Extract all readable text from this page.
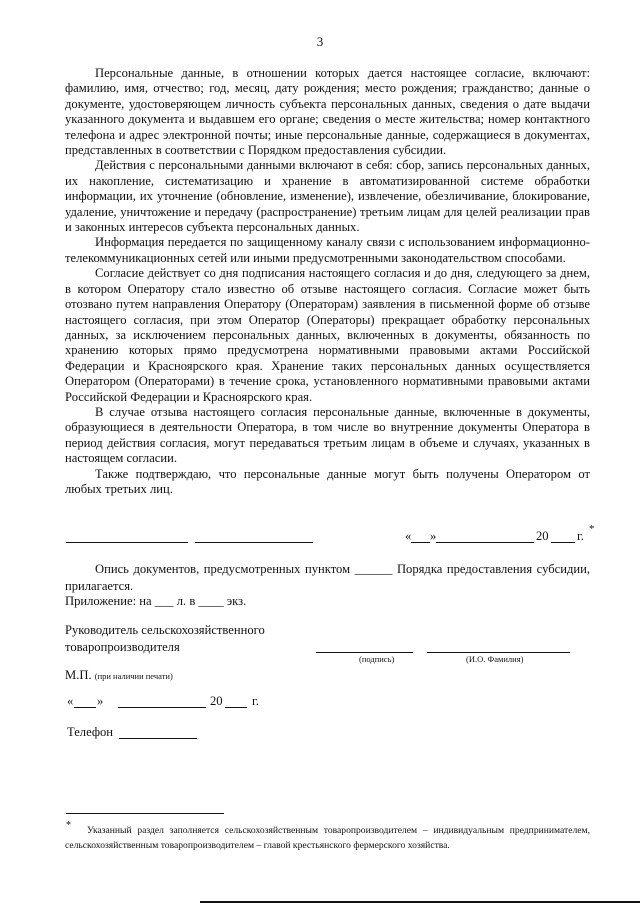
3

Персональные данные, в отношении которых дается настоящее согласие, включают: фамилию, имя, отчество; год, месяц, дату рождения; место рождения; гражданство; данные о документе, удостоверяющем личность субъекта персональных данных, сведения о дате выдачи указанного документа и выдавшем его органе; сведения о месте жительства; номер контактного телефона и адрес электронной почты; иные персональные данные, содержащиеся в документах, представленных в соответствии с Порядком предоставления субсидии.

Действия с персональными данными включают в себя: сбор, запись персональных данных, их накопление, систематизацию и хранение в автоматизированной системе обработки информации, их уточнение (обновление, изменение), извлечение, обезличивание, блокирование, удаление, уничтожение и передачу (распространение) третьим лицам для целей реализации прав и законных интересов субъекта персональных данных.

Информация передается по защищенному каналу связи с использованием информационно-телекоммуникационных сетей или иными предусмотренными законодательством способами.

Согласие действует со дня подписания настоящего согласия и до дня, следующего за днем, в котором Оператору стало известно об отзыве настоящего согласия. Согласие может быть отозвано путем направления Оператору (Операторам) заявления в письменной форме об отзыве настоящего согласия, при этом Оператор (Операторы) прекращает обработку персональных данных, за исключением персональных данных, включенных в документы, обязанность по хранению которых прямо предусмотрена нормативными правовыми актами Российской Федерации и Красноярского края. Хранение таких персональных данных осуществляется Оператором (Операторами) в течение срока, установленного нормативными правовыми актами Российской Федерации и Красноярского края.

В случае отзыва настоящего согласия персональные данные, включенные в документы, образующиеся в деятельности Оператора, в том числе во внутренние документы Оператора в период действия согласия, могут передаваться третьим лицам в объеме и случаях, указанных в настоящем согласии.

Также подтверждаю, что персональные данные могут быть получены Оператором от любых третьих лиц.

« »	20 г. *
Опись документов, предусмотренных пунктом ______ Порядка предоставления субсидии, прилагается.
Приложение: на ___ л. в ____ экз.
Руководитель сельскохозяйственного
товаропроизводителя
(подпись)	(И.О. Фамилия)
М.П. (при наличии печати)
« »	20 г.
Телефон
*	Указанный раздел заполняется сельскохозяйственным товаропроизводителем – индивидуальным предпринимателем, сельскохозяйственным товаропроизводителем – главой крестьянского фермерского хозяйства.
